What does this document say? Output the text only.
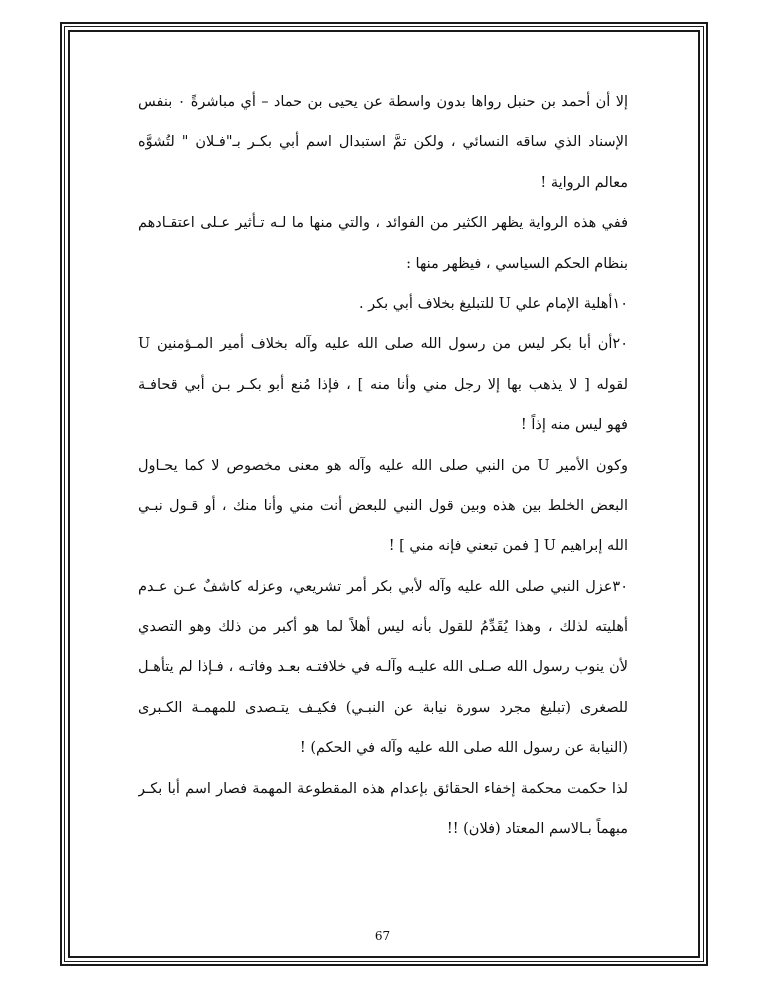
إلا أن أحمد بن حنبل رواها بدون واسطة عن يحيى بن حماد – أي مباشرةً ٠ بنفس
الإسناد الذي ساقه النسائي ، ولكن تمَّ استبدال اسم أبي بكـر بـ"فـلان " لتُشوَّه
معالم الرواية !
ففي هذه الرواية يظهر الكثير من الفوائد ، والتي منها ما لـه تـأثير عـلى اعتقـادهم
بنظام الحكم السياسي ، فيظهر منها :
١٠أهلية الإمام علي U للتبليغ بخلاف أبي بكر .
٢٠أن أبا بكر ليس من رسول الله صلى الله عليه وآله بخلاف أمير المـؤمنين U
لقوله [ لا يذهب بها إلا رجل مني وأنا منه ] ، فإذا مُنع أبو بكـر بـن أبي قحافـة
فهو ليس منه إذاً !
وكون الأمير U من النبي صلى الله عليه وآله هو معنى مخصوص لا كما يحـاول
البعض الخلط بين هذه وبين قول النبي للبعض أنت مني وأنا منك ، أو قـول نبـي
الله إبراهيم U [ فمن تبعني فإنه مني ] !
٣٠عزل النبي صلى الله عليه وآله لأبي بكر أمر تشريعي، وعزله كاشفٌ عـن عـدم
أهليته لذلك ، وهذا يُقَدِّمُ للقول بأنه ليس أهلاً لما هو أكبر من ذلك وهو التصدي
لأن ينوب رسول الله صـلى الله عليـه وآلـه في خلافتـه بعـد وفاتـه ، فـإذا لم يتأهـل
للصغرى (تبليغ مجرد سورة نيابة عن النبـي) فكيـف يتـصدى للمهمـة الكـبرى
(النيابة عن رسول الله صلى الله عليه وآله في الحكم) !
لذا حكمت محكمة إخفاء الحقائق بإعدام هذه المقطوعة المهمة فصار اسم أبا بكـر
مبهماً بـالاسم المعتاد (فلان) !!
67
